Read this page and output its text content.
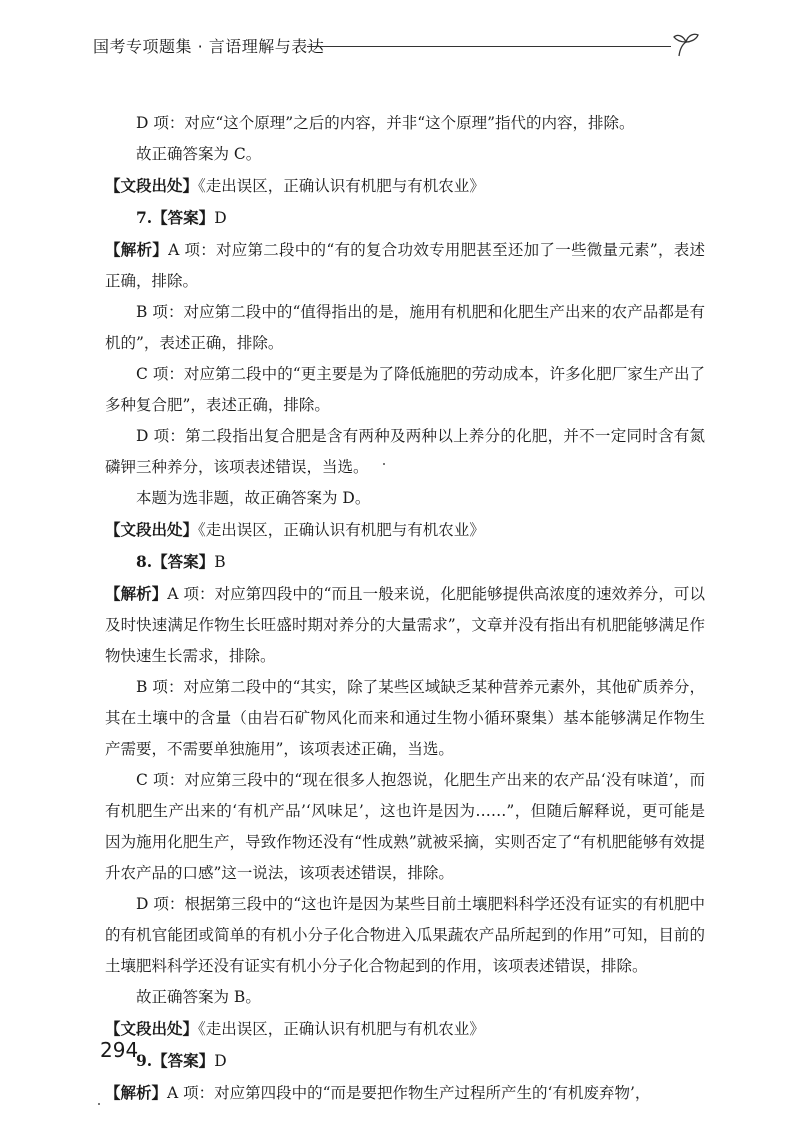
国考专项题集 · 言语理解与表达

D 项：对应“这个原理”之后的内容，并非“这个原理”指代的内容，排除。

故正确答案为 C。

【文段出处】《走出误区，正确认识有机肥与有机农业》

7.【答案】D

【解析】A 项：对应第二段中的“有的复合功效专用肥甚至还加了一些微量元素”，表述正确，排除。

B 项：对应第二段中的“值得指出的是，施用有机肥和化肥生产出来的农产品都是有机的”，表述正确，排除。

C 项：对应第二段中的“更主要是为了降低施肥的劳动成本，许多化肥厂家生产出了多种复合肥”，表述正确，排除。

D 项：第二段指出复合肥是含有两种及两种以上养分的化肥，并不一定同时含有氮磷钾三种养分，该项表述错误，当选。

本题为选非题，故正确答案为 D。

【文段出处】《走出误区，正确认识有机肥与有机农业》

8.【答案】B

【解析】A 项：对应第四段中的“而且一般来说，化肥能够提供高浓度的速效养分，可以及时快速满足作物生长旺盛时期对养分的大量需求”，文章并没有指出有机肥能够满足作物快速生长需求，排除。

B 项：对应第二段中的“其实，除了某些区域缺乏某种营养元素外，其他矿质养分，其在土壤中的含量（由岩石矿物风化而来和通过生物小循环聚集）基本能够满足作物生产需要，不需要单独施用”，该项表述正确，当选。

C 项：对应第三段中的“现在很多人抱怨说，化肥生产出来的农产品‘没有味道’，而有机肥生产出来的‘有机产品’‘风味足’，这也许是因为……”，但随后解释说，更可能是因为施用化肥生产，导致作物还没有“性成熟”就被采摘，实则否定了“有机肥能够有效提升农产品的口感”这一说法，该项表述错误，排除。

D 项：根据第三段中的“这也许是因为某些目前土壤肥料科学还没有证实的有机肥中的有机官能团或简单的有机小分子化合物进入瓜果蔬农产品所起到的作用”可知，目前的土壤肥料科学还没有证实有机小分子化合物起到的作用，该项表述错误，排除。

故正确答案为 B。

【文段出处】《走出误区，正确认识有机肥与有机农业》

9.【答案】D

【解析】A 项：对应第四段中的“而是要把作物生产过程所产生的‘有机废弃物’，

294
